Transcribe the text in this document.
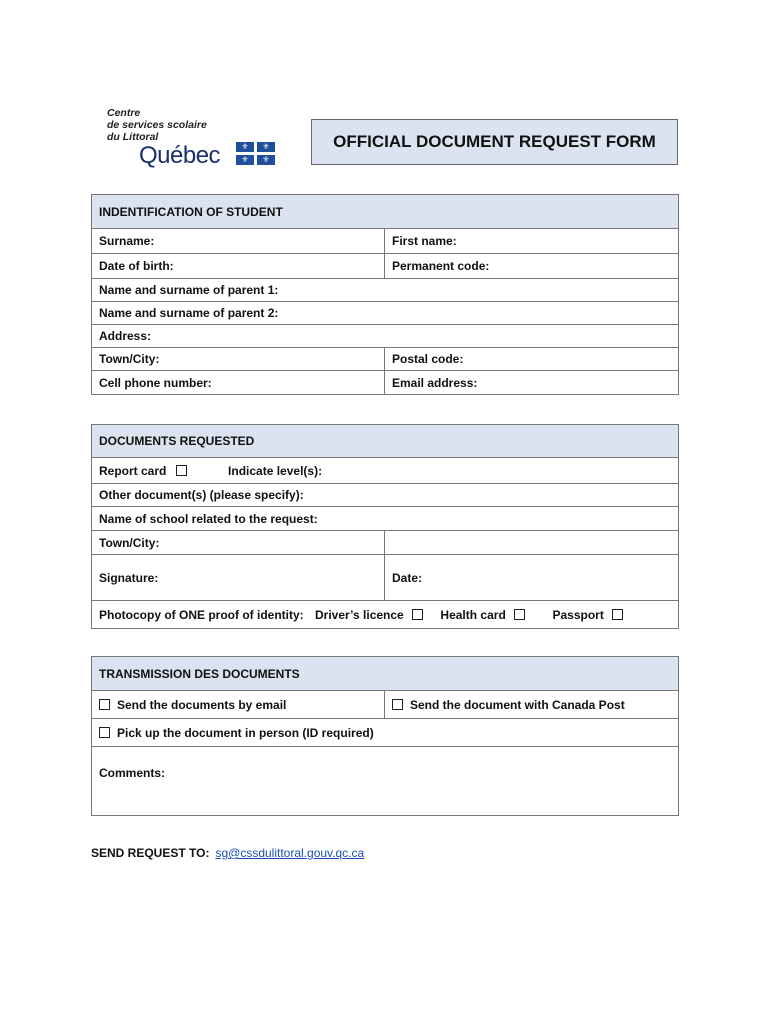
Centre
de services scolaire
du Littoral
Québec	⚜	⚜
⚜	⚜
OFFICIAL DOCUMENT REQUEST FORM
INDENTIFICATION OF STUDENT	
Surname:	First name:
Date of birth:	Permanent code:
Name and surname of parent 1:	
Name and surname of parent 2:	
Address:	
Town/City:	Postal code:
Cell phone number:	Email address:
DOCUMENTS REQUESTED	
Report card Indicate level(s):	
Other document(s) (please specify):	
Name of school related to the request:	
Town/City:	
Signature:	Date:
Photocopy of ONE proof of identity: Driver’s licence Health card Passport	
TRANSMISSION DES DOCUMENTS
Send the documents by email	Send the document with Canada Post
Pick up the document in person (ID required)
Comments:
SEND REQUEST TO: sg@cssdulittoral.gouv.qc.ca
